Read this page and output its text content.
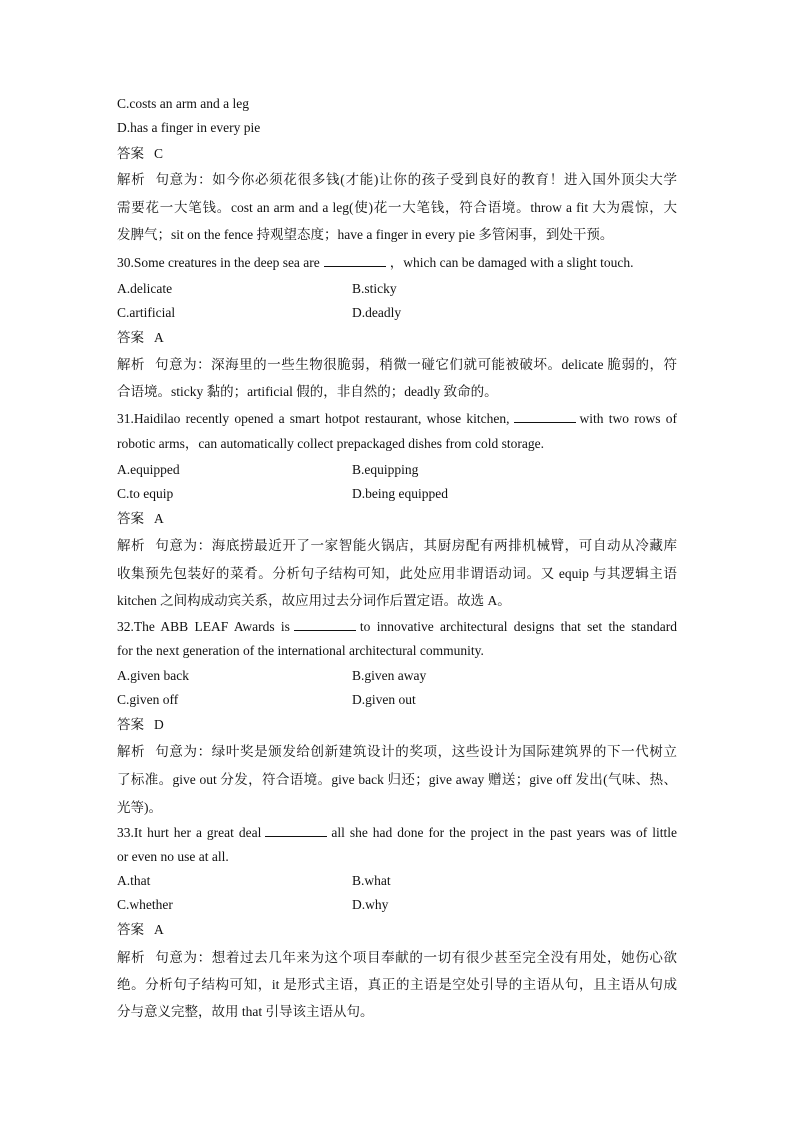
C.costs an arm and a leg
D.has a finger in every pie
答案 C
解析 句意为：如今你必须花很多钱(才能)让你的孩子受到良好的教育！进入国外顶尖大学
需要花一大笔钱。cost an arm and a leg(使)花一大笔钱，符合语境。throw a fit 大为震惊，大
发脾气；sit on the fence 持观望态度；have a finger in every pie 多管闲事，到处干预。
30.Some creatures in the deep sea are	，which can be damaged with a slight touch.
A.delicate	B.sticky
C.artificial	D.deadly
答案 A
解析 句意为：深海里的一些生物很脆弱，稍微一碰它们就可能被破坏。delicate 脆弱的，符
合语境。sticky 黏的；artificial 假的，非自然的；deadly 致命的。
31.Haidilao recently opened a smart hotpot restaurant, whose kitchen,	with two rows of
robotic arms，can automatically collect prepackaged dishes from cold storage.
A.equipped	B.equipping
C.to equip	D.being equipped
答案 A
解析 句意为：海底捞最近开了一家智能火锅店，其厨房配有两排机械臂，可自动从冷藏库
收集预先包装好的菜肴。分析句子结构可知，此处应用非谓语动词。又 equip 与其逻辑主语
kitchen 之间构成动宾关系，故应用过去分词作后置定语。故选 A。
32.The ABB LEAF Awards is	to innovative architectural designs that set the standard
for the next generation of the international architectural community.
A.given back	B.given away
C.given off	D.given out
答案 D
解析 句意为：绿叶奖是颁发给创新建筑设计的奖项，这些设计为国际建筑界的下一代树立
了标准。give out 分发，符合语境。give back 归还；give away 赠送；give off 发出(气味、热、
光等)。
33.It hurt her a great deal	all she had done for the project in the past years was of little
or even no use at all.
A.that	B.what
C.whether	D.why
答案 A
解析 句意为：想着过去几年来为这个项目奉献的一切有很少甚至完全没有用处，她伤心欲
绝。分析句子结构可知，it 是形式主语，真正的主语是空处引导的主语从句，且主语从句成
分与意义完整，故用 that 引导该主语从句。
